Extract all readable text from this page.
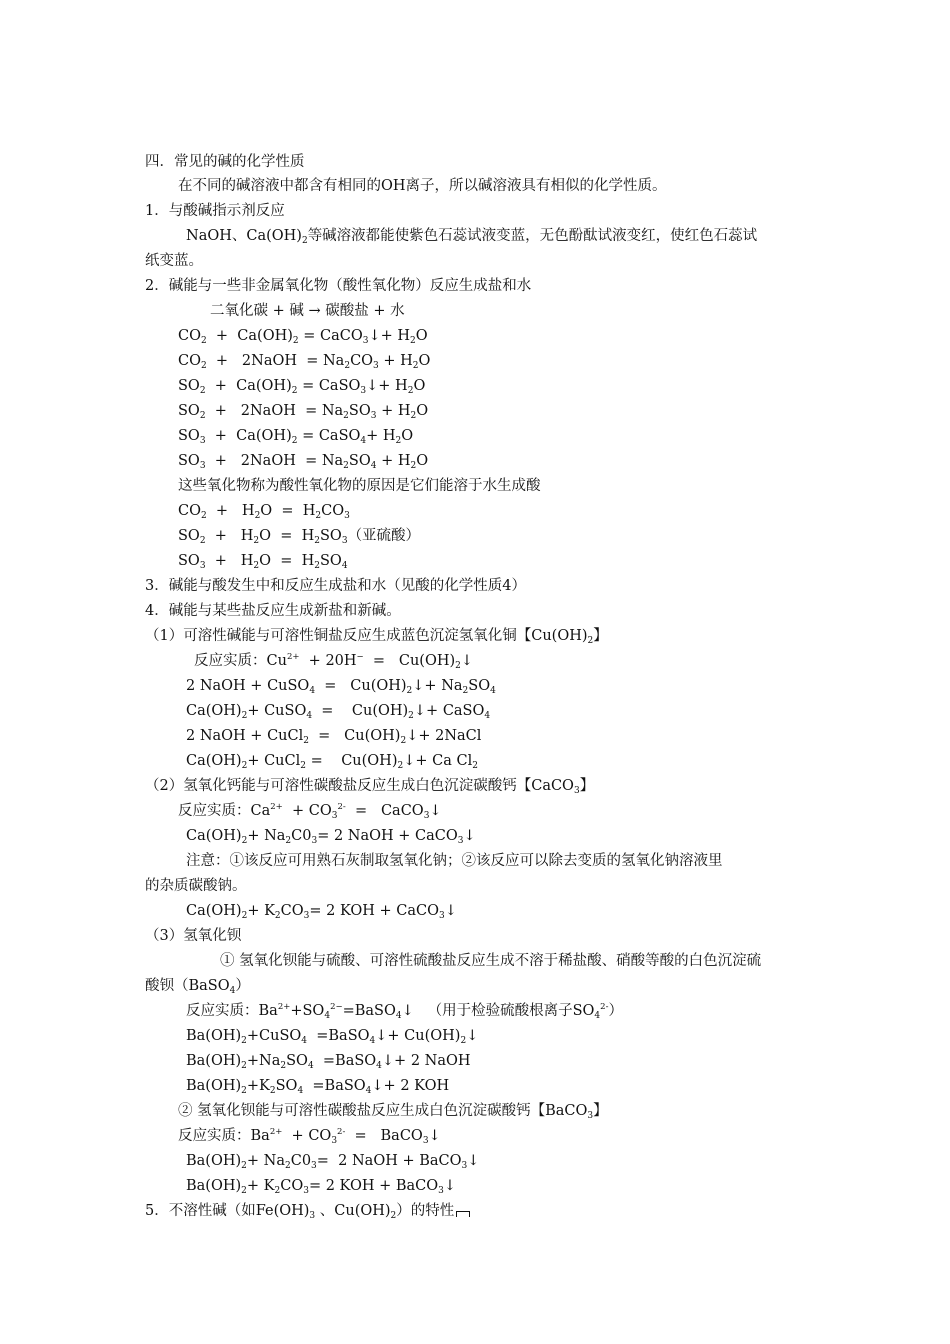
四．常见的碱的化学性质
在不同的碱溶液中都含有相同的OH离子，所以碱溶液具有相似的化学性质。
1．与酸碱指示剂反应
NaOH、$Ca(OH)_2$等碱溶液都能使紫色石蕊试液变蓝，无色酚酞试液变红，使红色石蕊试
纸变蓝。
2．碱能与一些非金属氧化物（酸性氧化物）反应生成盐和水
二氧化碳 + 碱 → 碳酸盐 + 水
$CO_2 + Ca(OH)_2$ = CaCO$_3$↓+ $H_2O$
$CO_2$  +   2NaOH  = $Na_2CO_3 + H_2O$
$SO_2 + Ca(OH)_2$ = CaSO$_3$↓+ $H_2O$
$SO_2$  +   2NaOH  = $Na_2SO_3 + H_2O$
$SO_3 + Ca(OH)_2$ = CaSO$_4$+ $H_2O$
$SO_3$  +   2NaOH  = $Na_2SO_4 + H_2O$
这些氧化物称为酸性氧化物的原因是它们能溶于水生成酸
$CO_2 + H_2O = H_2CO_3$
$SO_2 + H_2O = H_2SO_3$（亚硫酸）
$SO_3 + H_2O = H_2SO_4$
3．碱能与酸发生中和反应生成盐和水（见酸的化学性质4）
4．碱能与某些盐反应生成新盐和新碱。
（1）可溶性碱能与可溶性铜盐反应生成蓝色沉淀氢氧化铜【$Cu(OH)_2$】
反应实质：$Cu^{2+} + 20H^-$  =   $Cu(OH)_2↓$
2 NaOH + CuSO$_4$  =   $Cu(OH)_2↓+ Na_2SO_4$
$Ca(OH)_2+$ CuSO$_4$  =    $Cu(OH)_2↓+$ CaSO$_4$
2 NaOH + CuCl$_2$  =   $Cu(OH)_2↓+$ 2NaCl
$Ca(OH)_2+$ CuCl$_2$ =    $Cu(OH)_2↓+ Ca$ $Cl_2$
（2）氢氧化钙能与可溶性碳酸盐反应生成白色沉淀碳酸钙【CaCO$_3$】
反应实质：$Ca^{2+} + CO_3^{2-}$  =   CaCO$_3$↓
$Ca(OH)_2+ Na_2C0_3= 2$ NaOH + CaCO$_3$↓
注意：①该反应可用熟石灰制取氢氧化钠；②该反应可以除去变质的氢氧化钠溶液里
的杂质碳酸钠。
$Ca(OH)_2+ K_2CO_3= 2$ KOH + CaCO$_3$↓
（3）氢氧化钡
① 氢氧化钡能与硫酸、可溶性硫酸盐反应生成不溶于稀盐酸、硝酸等酸的白色沉淀硫
酸钡（BaSO$_4$）
反应实质：$Ba^{2+}+SO_4^{2-}=BaSO_4↓$   （用于检验硫酸根离子$SO_4^{2-}$）
$Ba(OH)_2+CuSO_4$  =BaSO$_4$↓+ $Cu(OH)_2↓$
$Ba(OH)_2+Na_2SO_4$  =BaSO$_4$↓+ 2 NaOH
$Ba(OH)_2+K_2SO_4$  =BaSO$_4$↓+ 2 KOH
② 氢氧化钡能与可溶性碳酸盐反应生成白色沉淀碳酸钙【BaCO$_3$】
反应实质：$Ba^{2+} + CO_3^{2-}$  =   BaCO$_3$↓
$Ba(OH)_2+ Na_2C0_3= 2$ NaOH + BaCO$_3$↓
$Ba(OH)_2+ K_2CO_3= 2$ KOH + BaCO$_3$↓
5．不溶性碱（如$Fe(OH)_3$ 、$Cu(OH)_2$）的特性
